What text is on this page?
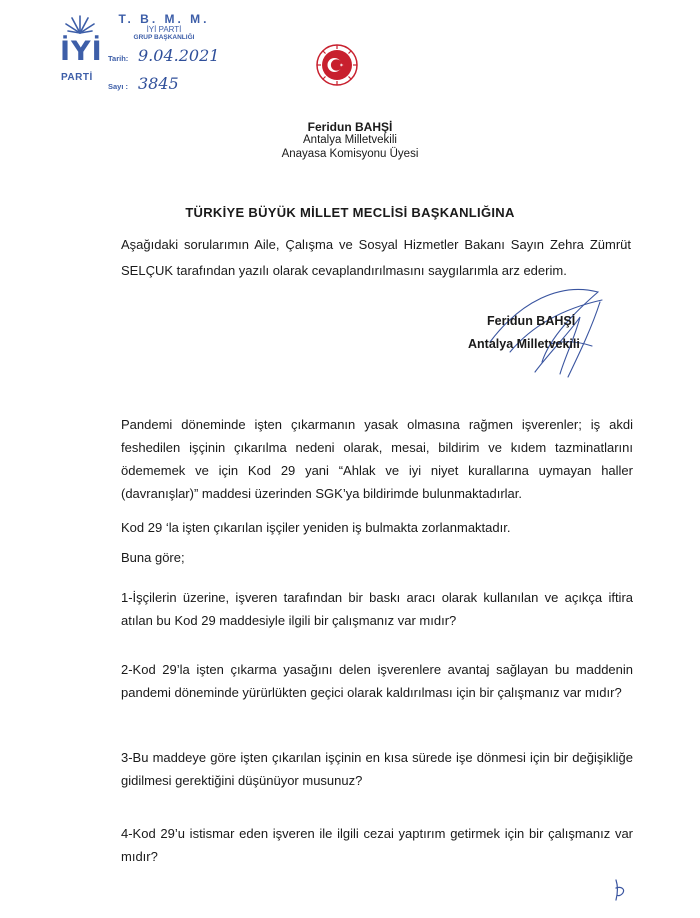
İYİ
PARTİ
T. B. M. M.
İYİ PARTİ
GRUP BAŞKANLIĞI
Tarih: 9.04.2021
Sayı : 3845
Feridun BAHŞİ
Antalya Milletvekili
Anayasa Komisyonu Üyesi
TÜRKİYE BÜYÜK MİLLET MECLİSİ BAŞKANLIĞINA
Aşağıdaki sorularımın Aile, Çalışma ve Sosyal Hizmetler Bakanı Sayın Zehra Zümrüt SELÇUK tarafından yazılı olarak cevaplandırılmasını saygılarımla arz ederim.
Feridun BAHŞİ
Antalya Milletvekili
Pandemi döneminde işten çıkarmanın yasak olmasına rağmen işverenler; iş akdi feshedilen işçinin çıkarılma nedeni olarak, mesai, bildirim ve kıdem tazminatlarını ödememek ve için Kod 29 yani “Ahlak ve iyi niyet kurallarına uymayan haller (davranışlar)” maddesi üzerinden SGK’ya bildirimde bulunmaktadırlar.
Kod 29 ‘la işten çıkarılan işçiler yeniden iş bulmakta zorlanmaktadır.
Buna göre;
1-İşçilerin üzerine, işveren tarafından bir baskı aracı olarak kullanılan ve açıkça iftira atılan bu Kod 29 maddesiyle ilgili bir çalışmanız var mıdır?
2-Kod 29’la işten çıkarma yasağını delen işverenlere avantaj sağlayan bu maddenin pandemi döneminde yürürlükten geçici olarak kaldırılması için bir çalışmanız var mıdır?
3-Bu maddeye göre işten çıkarılan işçinin en kısa sürede işe dönmesi için bir değişikliğe gidilmesi gerektiğini düşünüyor musunuz?
4-Kod 29’u istismar eden işveren ile ilgili cezai yaptırım getirmek için bir çalışmanız var mıdır?
